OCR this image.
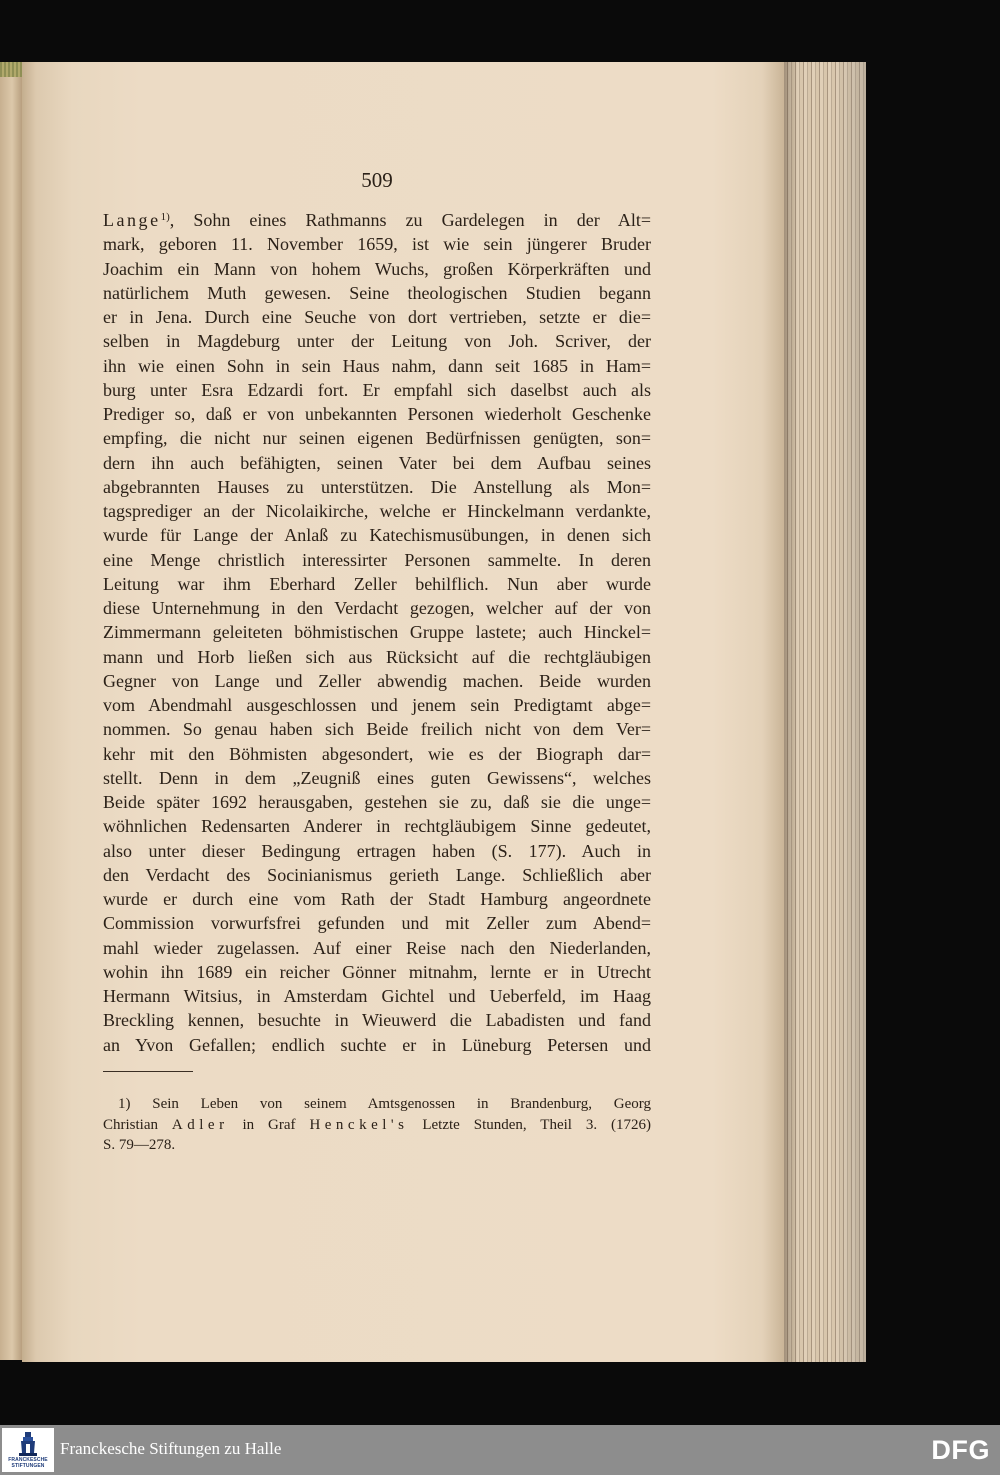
509
Lange$^{1)}$, Sohn eines Rathmanns zu Gardelegen in der Alt=
mark, geboren 11. November 1659, ist wie sein jüngerer Bruder
Joachim ein Mann von hohem Wuchs, großen Körperkräften und
natürlichem Muth gewesen. Seine theologischen Studien begann
er in Jena. Durch eine Seuche von dort vertrieben, setzte er die=
selben in Magdeburg unter der Leitung von Joh. Scriver, der
ihn wie einen Sohn in sein Haus nahm, dann seit 1685 in Ham=
burg unter Esra Edzardi fort. Er empfahl sich daselbst auch als
Prediger so, daß er von unbekannten Personen wiederholt Geschenke
empfing, die nicht nur seinen eigenen Bedürfnissen genügten, son=
dern ihn auch befähigten, seinen Vater bei dem Aufbau seines
abgebrannten Hauses zu unterstützen. Die Anstellung als Mon=
tagsprediger an der Nicolaikirche, welche er Hinckelmann verdankte,
wurde für Lange der Anlaß zu Katechismusübungen, in denen sich
eine Menge christlich interessirter Personen sammelte. In deren
Leitung war ihm Eberhard Zeller behilflich. Nun aber wurde
diese Unternehmung in den Verdacht gezogen, welcher auf der von
Zimmermann geleiteten böhmistischen Gruppe lastete; auch Hinckel=
mann und Horb ließen sich aus Rücksicht auf die rechtgläubigen
Gegner von Lange und Zeller abwendig machen. Beide wurden
vom Abendmahl ausgeschlossen und jenem sein Predigtamt abge=
nommen. So genau haben sich Beide freilich nicht von dem Ver=
kehr mit den Böhmisten abgesondert, wie es der Biograph dar=
stellt. Denn in dem „Zeugniß eines guten Gewissens“, welches
Beide später 1692 herausgaben, gestehen sie zu, daß sie die unge=
wöhnlichen Redensarten Anderer in rechtgläubigem Sinne gedeutet,
also unter dieser Bedingung ertragen haben (S. 177). Auch in
den Verdacht des Socinianismus gerieth Lange. Schließlich aber
wurde er durch eine vom Rath der Stadt Hamburg angeordnete
Commission vorwurfsfrei gefunden und mit Zeller zum Abend=
mahl wieder zugelassen. Auf einer Reise nach den Niederlanden,
wohin ihn 1689 ein reicher Gönner mitnahm, lernte er in Utrecht
Hermann Witsius, in Amsterdam Gichtel und Ueberfeld, im Haag
Breckling kennen, besuchte in Wieuwerd die Labadisten und fand
an Yvon Gefallen; endlich suchte er in Lüneburg Petersen und
1) Sein Leben von seinem Amtsgenossen in Brandenburg, Georg
Christian Adler in Graf Henckel's Letzte Stunden, Theil 3. (1726)
S. 79—278.
FRANCKESCHE STIFTUNGEN
Franckesche Stiftungen zu Halle	DFG
